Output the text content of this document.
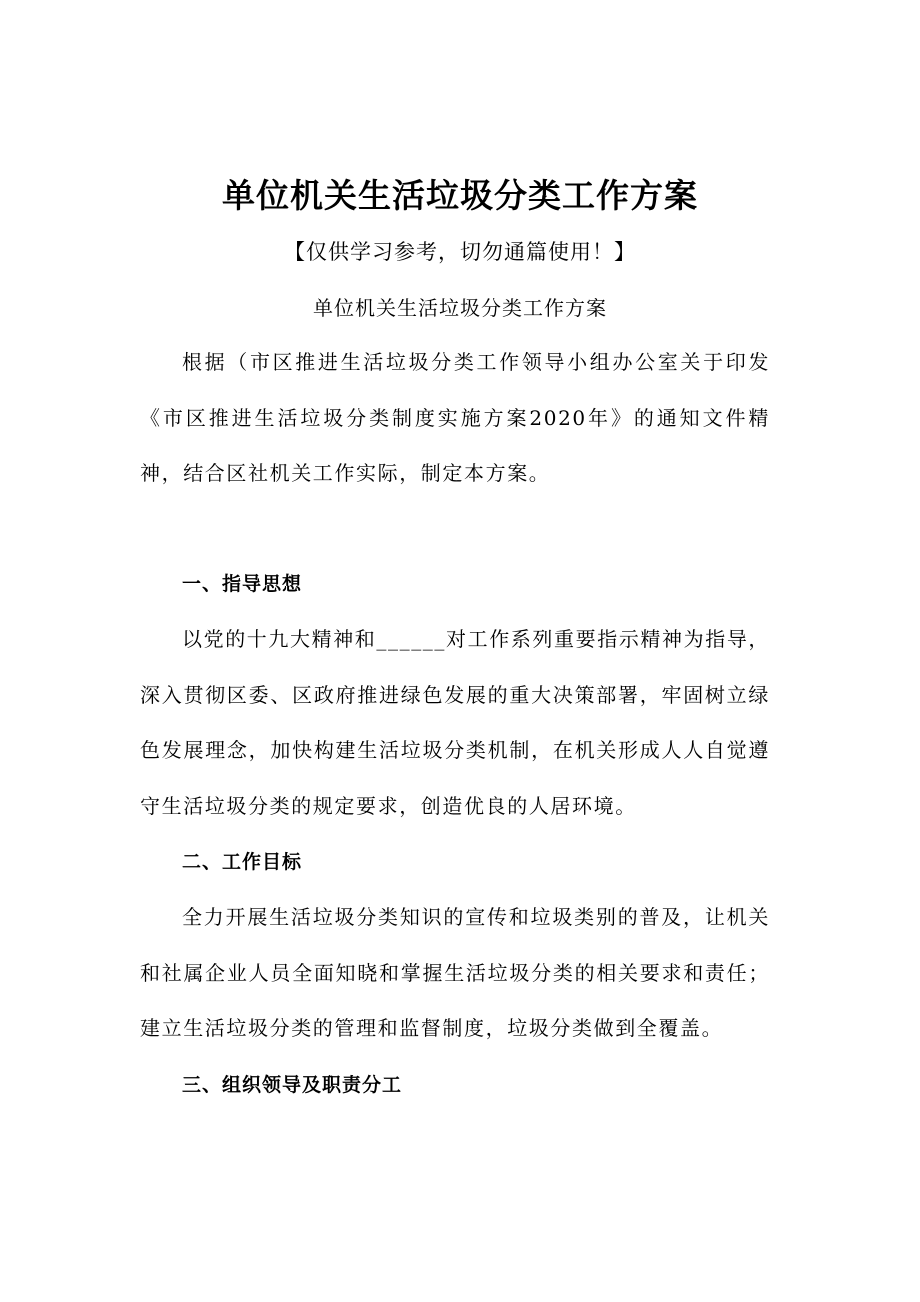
单位机关生活垃圾分类工作方案
【仅供学习参考，切勿通篇使用！】
单位机关生活垃圾分类工作方案

根据（市区推进生活垃圾分类工作领导小组办公室关于印发《市区推进生活垃圾分类制度实施方案2020年》的通知文件精神，结合区社机关工作实际，制定本方案。

一、指导思想

以党的十九大精神和______对工作系列重要指示精神为指导，深入贯彻区委、区政府推进绿色发展的重大决策部署，牢固树立绿色发展理念，加快构建生活垃圾分类机制，在机关形成人人自觉遵守生活垃圾分类的规定要求，创造优良的人居环境。

二、工作目标

全力开展生活垃圾分类知识的宣传和垃圾类别的普及，让机关和社属企业人员全面知晓和掌握生活垃圾分类的相关要求和责任；建立生活垃圾分类的管理和监督制度，垃圾分类做到全覆盖。

三、组织领导及职责分工
